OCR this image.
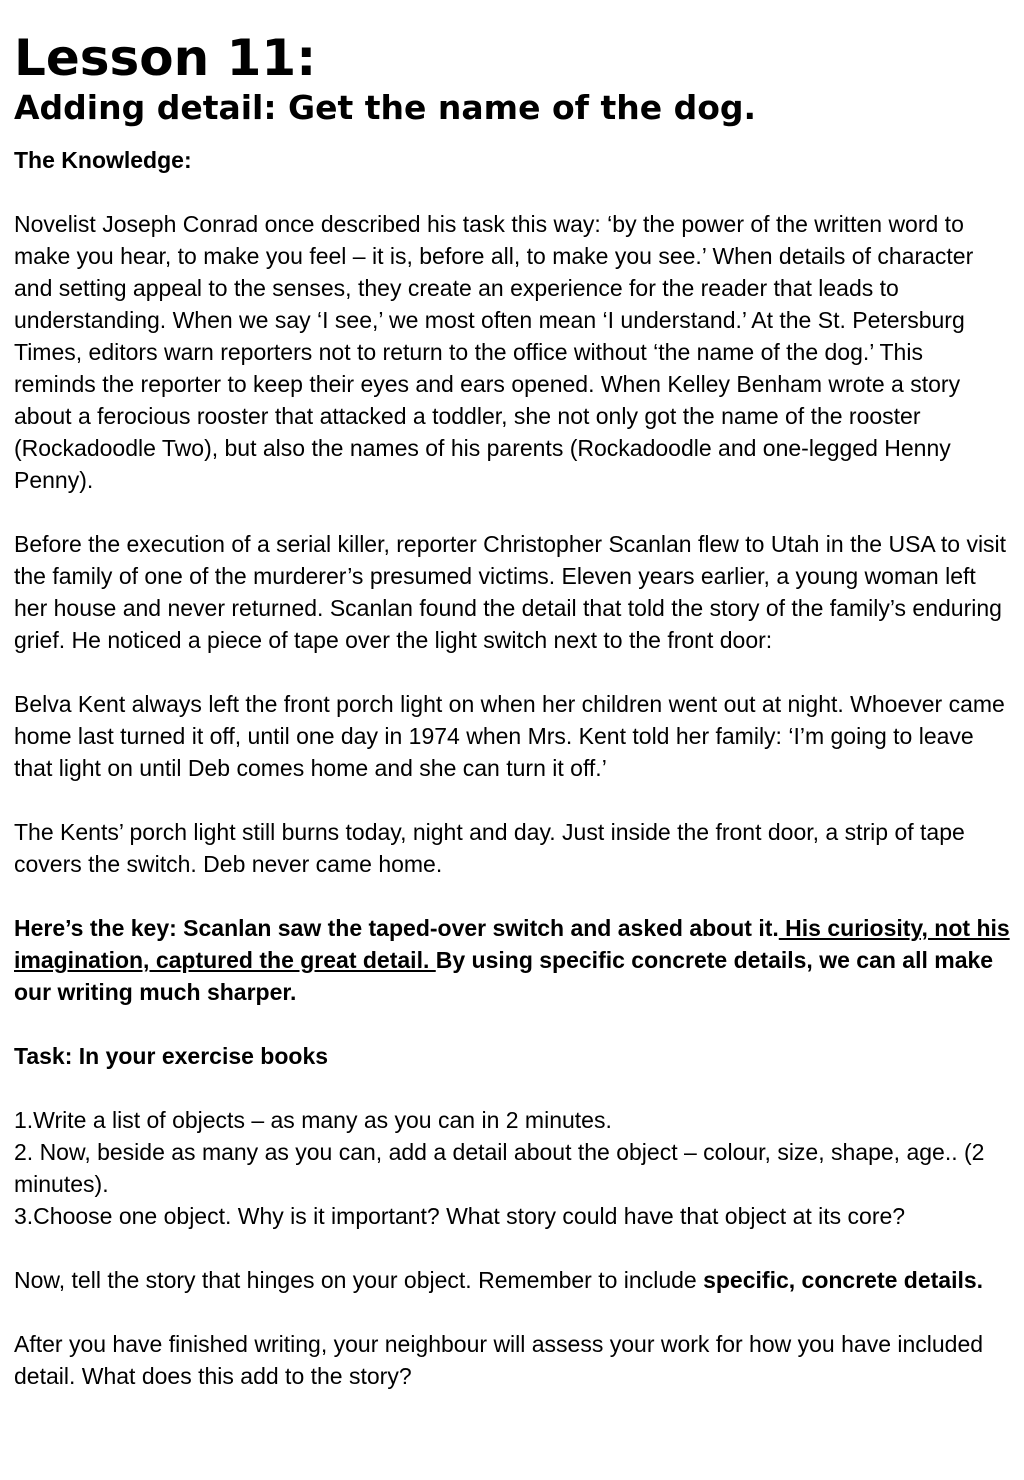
Lesson 11:
Adding detail: Get the name of the dog.

The Knowledge:

Novelist Joseph Conrad once described his task this way: ‘by the power of the written word to make you hear, to make you feel – it is, before all, to make you see.’ When details of character and setting appeal to the senses, they create an experience for the reader that leads to understanding. When we say ‘I see,’ we most often mean ‘I understand.’ At the St. Petersburg Times, editors warn reporters not to return to the office without ‘the name of the dog.’ This reminds the reporter to keep their eyes and ears opened. When Kelley Benham wrote a story about a ferocious rooster that attacked a toddler, she not only got the name of the rooster (Rockadoodle Two), but also the names of his parents (Rockadoodle and one-legged Henny Penny).

Before the execution of a serial killer, reporter Christopher Scanlan flew to Utah in the USA to visit the family of one of the murderer’s presumed victims. Eleven years earlier, a young woman left her house and never returned. Scanlan found the detail that told the story of the family’s enduring grief. He noticed a piece of tape over the light switch next to the front door:

Belva Kent always left the front porch light on when her children went out at night. Whoever came home last turned it off, until one day in 1974 when Mrs. Kent told her family: ‘I’m going to leave that light on until Deb comes home and she can turn it off.’

The Kents’ porch light still burns today, night and day. Just inside the front door, a strip of tape covers the switch. Deb never came home.

Here’s the key: Scanlan saw the taped-over switch and asked about it. His curiosity, not his imagination, captured the great detail. By using specific concrete details, we can all make our writing much sharper.

Task: In your exercise books

1.Write a list of objects – as many as you can in 2 minutes.

2. Now, beside as many as you can, add a detail about the object – colour, size, shape, age.. (2 minutes).

3.Choose one object. Why is it important? What story could have that object at its core?

Now, tell the story that hinges on your object. Remember to include specific, concrete details.

After you have finished writing, your neighbour will assess your work for how you have included detail. What does this add to the story?
